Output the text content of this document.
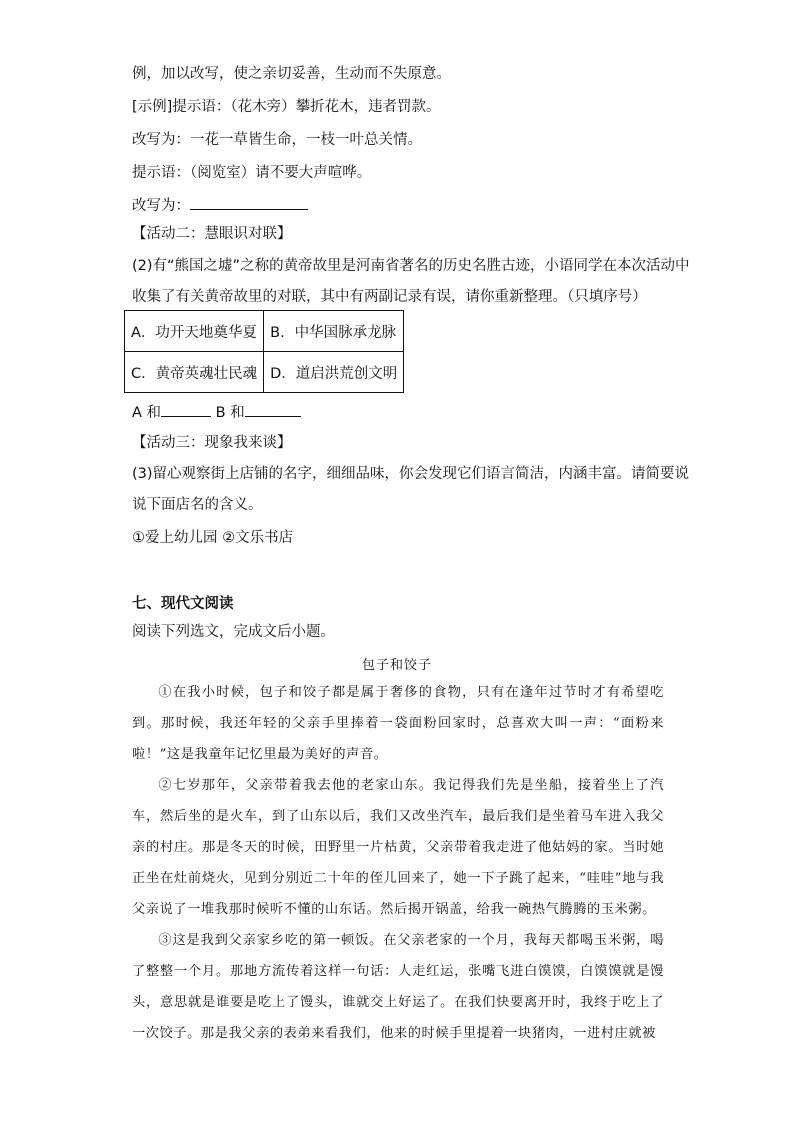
例，加以改写，使之亲切妥善，生动而不失原意。
[示例]提示语：（花木旁）攀折花木，违者罚款。
改写为：一花一草皆生命，一枝一叶总关情。
提示语：（阅览室）请不要大声喧哗。
改写为：
【活动二：慧眼识对联】
(2)有“熊国之墟”之称的黄帝故里是河南省著名的历史名胜古迹，小语同学在本次活动中
收集了有关黄帝故里的对联，其中有两副记录有误，请你重新整理。（只填序号）
A．功开天地奠华夏	B．中华国脉承龙脉
C．黄帝英魂壮民魂	D．道启洪荒创文明
A 和	B 和
【活动三：现象我来谈】
(3)留心观察街上店铺的名字，细细品味，你会发现它们语言简洁，内涵丰富。请简要说
说下面店名的含义。
①爱上幼儿园 ②文乐书店
七、现代文阅读
阅读下列选文，完成文后小题。
包子和饺子
①在我小时候，包子和饺子都是属于奢侈的食物，只有在逢年过节时才有希望吃到。那时候，我还年轻的父亲手里捧着一袋面粉回家时，总喜欢大叫一声：“面粉来啦！”这是我童年记忆里最为美好的声音。
②七岁那年，父亲带着我去他的老家山东。我记得我们先是坐船，接着坐上了汽车，然后坐的是火车，到了山东以后，我们又改坐汽车，最后我们是坐着马车进入我父亲的村庄。那是冬天的时候，田野里一片枯黄，父亲带着我走进了他姑妈的家。当时她正坐在灶前烧火，见到分别近二十年的侄儿回来了，她一下子跳了起来，“哇哇”地与我父亲说了一堆我那时候听不懂的山东话。然后揭开锅盖，给我一碗热气腾腾的玉米粥。
③这是我到父亲家乡吃的第一顿饭。在父亲老家的一个月，我每天都喝玉米粥，喝了整整一个月。那地方流传着这样一句话：人走红运，张嘴飞进白馍馍，白馍馍就是馒头，意思就是谁要是吃上了馒头，谁就交上好运了。在我们快要离开时，我终于吃上了一次饺子。那是我父亲的表弟来看我们，他来的时候手里提着一块猪肉，一进村庄就被
